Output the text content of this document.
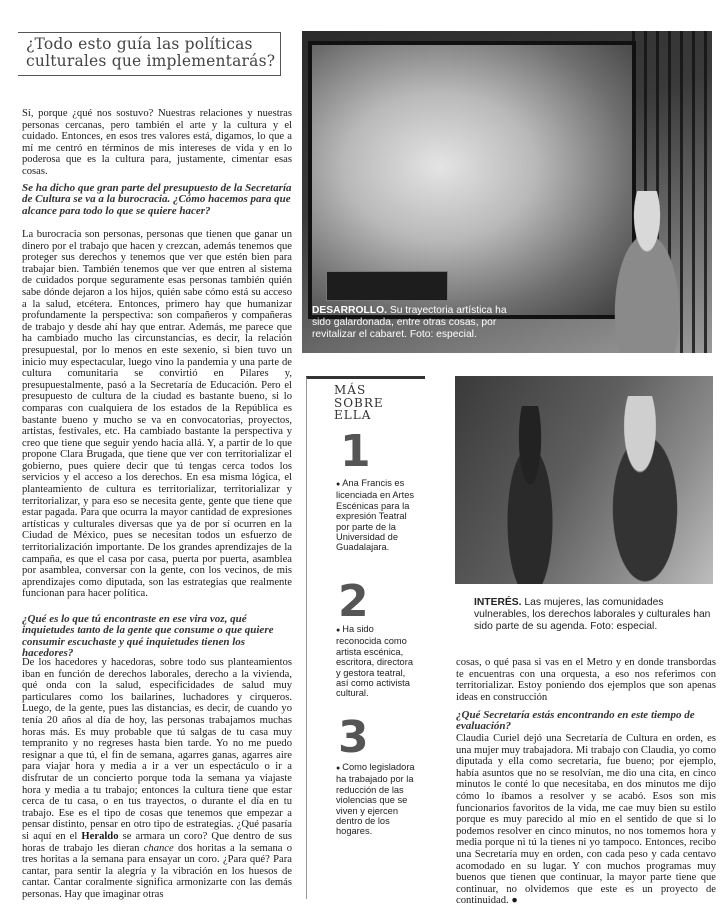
¿Todo esto guía las políticas
culturales que implementarás?

Sí, porque ¿qué nos sostuvo? Nuestras relaciones y nuestras personas cercanas, pero también el arte y la cultura y el cuidado. Entonces, en esos tres valores está, digamos, lo que a mí me centró en términos de mis intereses de vida y en lo poderosa que es la cultura para, justamente, cimentar esas cosas.

Se ha dicho que gran parte del presupuesto de la Secretaría de Cultura se va a la burocracia. ¿Cómo hacemos para que alcance para todo lo que se quiere hacer?

La burocracia son personas, personas que tienen que ganar un dinero por el trabajo que hacen y crezcan, además tenemos que proteger sus derechos y tenemos que ver que estén bien para trabajar bien. También tenemos que ver que entren al sistema de cuidados porque seguramente esas personas también quién sabe dónde dejaron a los hijos, quién sabe cómo está su acceso a la salud, etcétera. Entonces, primero hay que humanizar profundamente la perspectiva: son compañeros y compañeras de trabajo y desde ahí hay que entrar. Además, me parece que ha cambiado mucho las circunstancias, es decir, la relación presupuestal, por lo menos en este sexenio, si bien tuvo un inicio muy espectacular, luego vino la pandemia y una parte de cultura comunitaria se convirtió en Pilares y, presupuestalmente, pasó a la Secretaría de Educación. Pero el presupuesto de cultura de la ciudad es bastante bueno, si lo comparas con cualquiera de los estados de la República es bastante bueno y mucho se va en convocatorias, proyectos, artistas, festivales, etc. Ha cambiado bastante la perspectiva y creo que tiene que seguir yendo hacia allá. Y, a partir de lo que propone Clara Brugada, que tiene que ver con territorializar el gobierno, pues quiere decir que tú tengas cerca todos los servicios y el acceso a los derechos. En esa misma lógica, el planteamiento de cultura es territorializar, territorializar y territorializar, y para eso se necesita gente, gente que tiene que estar pagada. Para que ocurra la mayor cantidad de expresiones artísticas y culturales diversas que ya de por sí ocurren en la Ciudad de México, pues se necesitan todos un esfuerzo de territorialización importante. De los grandes aprendizajes de la campaña, es que el casa por casa, puerta por puerta, asamblea por asamblea, conversar con la gente, con los vecinos, de mis aprendizajes como diputada, son las estrategias que realmente funcionan para hacer política.

¿Qué es lo que tú encontraste en ese vira voz, qué inquietudes tanto de la gente que consume o que quiere consumir escuchaste y qué inquietudes tienen los hacedores?

De los hacedores y hacedoras, sobre todo sus planteamientos iban en función de derechos laborales, derecho a la vivienda, qué onda con la salud, especificidades de salud muy particulares como los bailarines, luchadores y cirqueros. Luego, de la gente, pues las distancias, es decir, de cuando yo tenía 20 años al día de hoy, las personas trabajamos muchas horas más. Es muy probable que tú salgas de tu casa muy tempranito y no regreses hasta bien tarde. Yo no me puedo resignar a que tú, el fin de semana, agarres ganas, agarres aire para viajar hora y media a ir a ver un espectáculo o ir a disfrutar de un concierto porque toda la semana ya viajaste hora y media a tu trabajo; entonces la cultura tiene que estar cerca de tu casa, o en tus trayectos, o durante el día en tu trabajo. Ese es el tipo de cosas que tenemos que empezar a pensar distinto, pensar en otro tipo de estrategias. ¿Qué pasaría si aquí en el Heraldo se armara un coro? Que dentro de sus horas de trabajo les dieran chance dos horitas a la semana o tres horitas a la semana para ensayar un coro. ¿Para qué? Para cantar, para sentir la alegría y la vibración en los huesos de cantar. Cantar coralmente significa armonizarte con las demás personas. Hay que imaginar otras

DESARROLLO. Su trayectoria artística ha sido galardonada, entre otras cosas, por revitalizar el cabaret. Foto: especial.
MÁS
SOBRE
ELLA
1
● Ana Francis es licenciada en Artes Escénicas para la expresión Teatral por parte de la Universidad de Guadalajara.
2
● Ha sido reconocida como artista escénica, escritora, directora y gestora teatral, así como activista cultural.
3
● Como legisladora ha trabajado por la reducción de las violencias que se viven y ejercen dentro de los hogares.
INTERÉS. Las mujeres, las comunidades vulnerables, los derechos laborales y culturales han sido parte de su agenda. Foto: especial.

cosas, o qué pasa si vas en el Metro y en donde transbordas te encuentras con una orquesta, a eso nos referimos con territorializar. Estoy poniendo dos ejemplos que son apenas ideas en construcción

¿Qué Secretaría estás encontrando en este tiempo de evaluación?

Claudia Curiel dejó una Secretaría de Cultura en orden, es una mujer muy trabajadora. Mi trabajo con Claudia, yo como diputada y ella como secretaria, fue bueno; por ejemplo, había asuntos que no se resolvían, me dio una cita, en cinco minutos le conté lo que necesitaba, en dos minutos me dijo cómo lo íbamos a resolver y se acabó. Esos son mis funcionarios favoritos de la vida, me cae muy bien su estilo porque es muy parecido al mío en el sentido de que si lo podemos resolver en cinco minutos, no nos tomemos hora y media porque ni tú la tienes ni yo tampoco. Entonces, recibo una Secretaría muy en orden, con cada peso y cada centavo acomodado en su lugar. Y con muchos programas muy buenos que tienen que continuar, la mayor parte tiene que continuar, no olvidemos que este es un proyecto de continuidad. ●
